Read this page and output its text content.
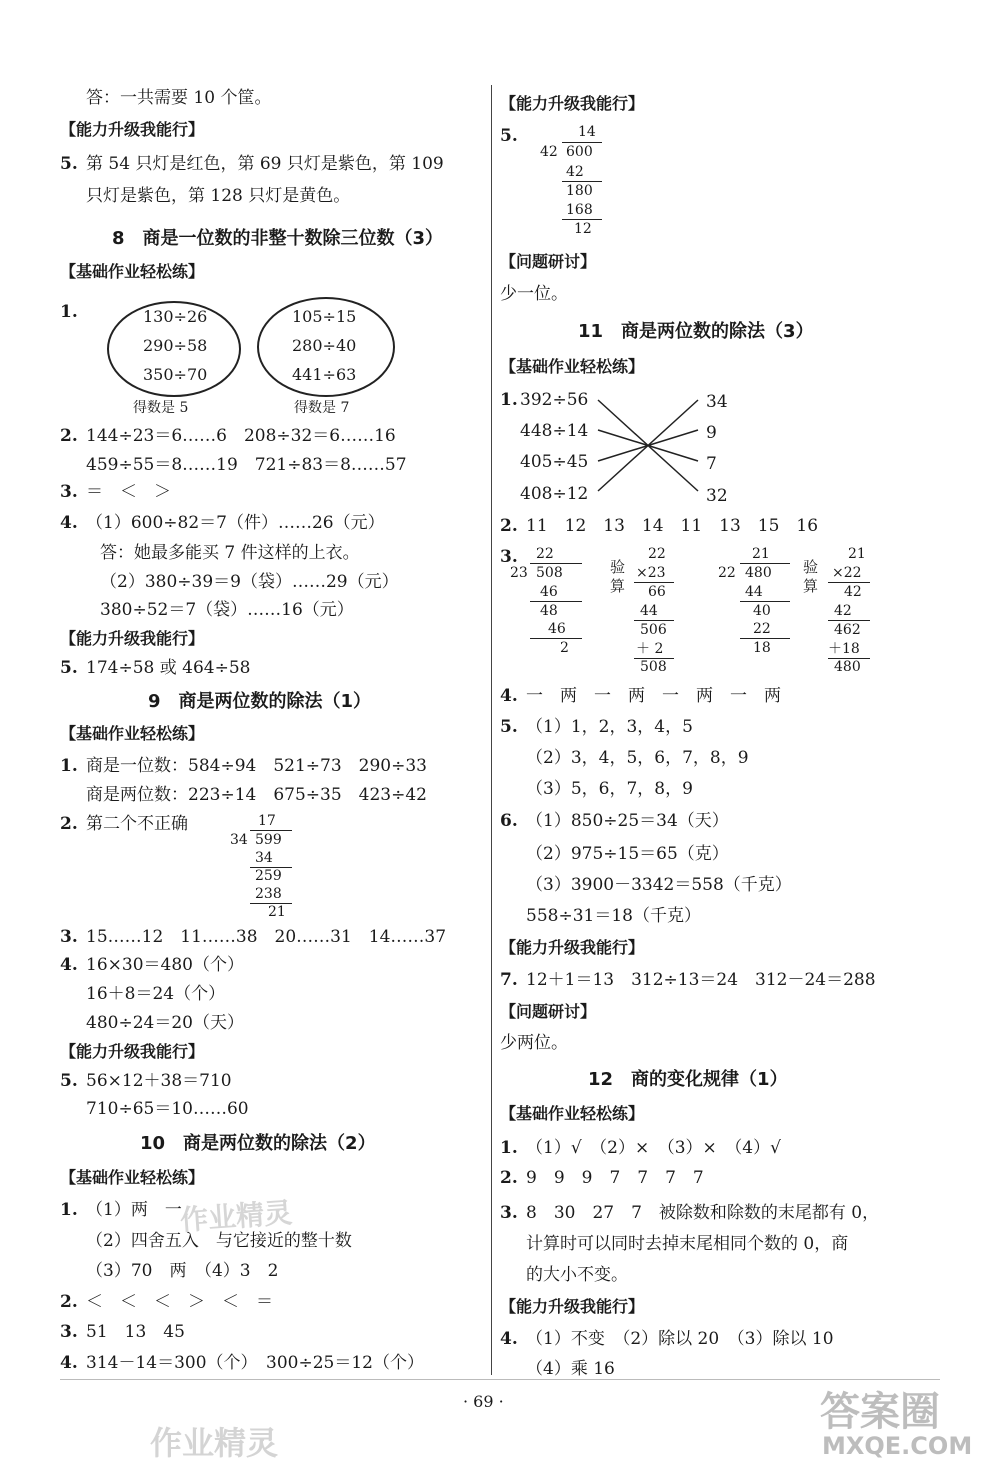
答：一共需要 10 个筐。
【能力升级我能行】
5. 第 54 只灯是红色，第 69 只灯是紫色，第 109
只灯是紫色，第 128 只灯是黄色。
8　商是一位数的非整十数除三位数（3）
【基础作业轻松练】
1.	130÷26
290÷58
350÷70
105÷15
280÷40
441÷63
得数是 5	得数是 7
2. 144÷23＝6……6　208÷32＝6……16
459÷55＝8……19　721÷83＝8……57
3. ＝　＜　＞
4. （1）600÷82＝7（件）……26（元）
答：她最多能买 7 件这样的上衣。
（2）380÷39＝9（袋）……29（元）
380÷52＝7（袋）……16（元）
【能力升级我能行】
5. 174÷58 或 464÷58
9　商是两位数的除法（1）
【基础作业轻松练】
1. 商是一位数：584÷94　521÷73　290÷33
商是两位数：223÷14　675÷35　423÷42
2. 第二个不正确	17
34 599
34
259
238
21
3. 15……12　11……38　20……31　14……37
4. 16×30＝480（个）
16＋8＝24（个）
480÷24＝20（天）
【能力升级我能行】
5. 56×12＋38＝710
710÷65＝10……60
10　商是两位数的除法（2）
【基础作业轻松练】
1. （1）两　一
（2）四舍五入　与它接近的整十数
（3）70　两　（4）3　2
2. ＜　＜　＜　＞　＜　＝
3. 51　13　45
4. 314－14＝300（个）　300÷25＝12（个）
【能力升级我能行】
5.	14
42 600
42
180
168
12
【问题研讨】
少一位。
11　商是两位数的除法（3）
【基础作业轻松练】
1. 392÷56
448÷14
405÷45
408÷12
34
9
7
32
2. 11　12　13　14　11　13　15　16
3. 22
23 508
46
48
46
2
验算
22
×23
66
44
506
＋ 2
508
21
22 480
44
40
22
18
验算
21
×22
42
42
462
＋18
480
4. 一　两　一　两　一　两　一　两
5. （1）1，2，3，4，5
（2）3，4，5，6，7，8，9
（3）5，6，7，8，9
6. （1）850÷25＝34（天）
（2）975÷15＝65（克）
（3）3900－3342＝558（千克）
558÷31＝18（千克）
【能力升级我能行】
7. 12＋1＝13　312÷13＝24　312－24＝288
【问题研讨】
少两位。
12　商的变化规律（1）
【基础作业轻松练】
1. （1）√　（2）×　（3）×　（4）√
2. 9　9　9　7　7　7　7
3. 8　30　27　7　被除数和除数的末尾都有 0，
计算时可以同时去掉末尾相同个数的 0，商
的大小不变。
【能力升级我能行】
4. （1）不变　（2）除以 20　（3）除以 10
（4）乘 16
· 69 ·
作业精灵
作业精灵
答案圈
MXQE.COM
